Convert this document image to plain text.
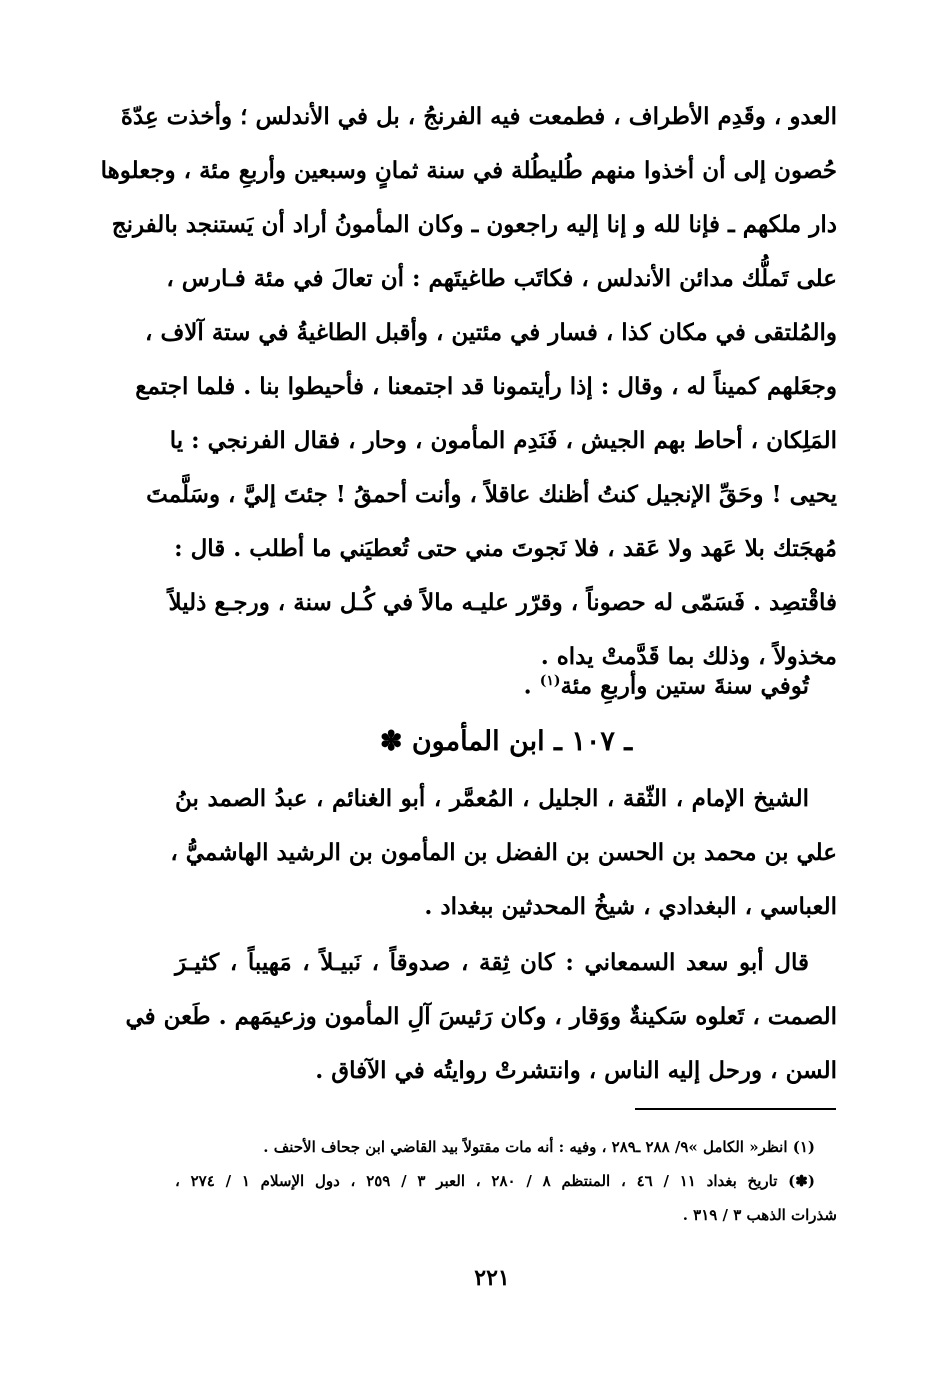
العدو ، وقَدِم الأطراف ، فطمعت فيه الفرنجُ ، بل في الأندلس ؛ وأخذت عِدّةَ
حُصون إلى أن أخذوا منهم طُليطُلة في سنة ثمانٍ وسبعين وأربعِ مئة ، وجعلوها
دار ملكهم ـ فإنا لله و إنا إليه راجعون ـ وكان المأمونُ أراد أن يَستنجد بالفرنج
على تَملُّك مدائن الأندلس ، فكاتَب طاغيتَهم : أن تعالَ في مئة فـارس ،
والمُلتقى في مكان كذا ، فسار في مئتين ، وأقبل الطاغيةُ في ستة آلاف ،
وجعَلهم كميناً له ، وقال : إذا رأيتمونا قد اجتمعنا ، فأحيطوا بنا . فلما اجتمع
المَلِكان ، أحاط بهم الجيش ، فَنَدِم المأمون ، وحار ، فقال الفرنجي : يا
يحيى ! وحَقِّ الإنجيل كنتُ أظنك عاقلاً ، وأنت أحمقُ ! جئتَ إليَّ ، وسَلَّمتَ
مُهجَتك بلا عَهد ولا عَقد ، فلا نَجوتَ مني حتى تُعطيَني ما أطلب . قال :
فاقْتصِد . فَسَمّى له حصوناً ، وقرّر عليـه مالاً في كُـل سنة ، ورجـع ذليلاً
مخذولاً ، وذلك بما قَدَّمتْ يداه .
تُوفي سنةَ ستين وأربعِ مئة$^{(١)}$ .
ـ ١٠٧ ـ ابن المأمون ✽
الشيخ الإمام ، الثّقة ، الجليل ، المُعمَّر ، أبو الغنائم ، عبدُ الصمد بنُ
علي بن محمد بن الحسن بن الفضل بن المأمون بن الرشيد الهاشميُّ ،
العباسي ، البغدادي ، شيخُ المحدثين ببغداد .
قال أبو سعد السمعاني : كان ثِقة ، صدوقاً ، نَبيـلاً ، مَهيباً ، كثيـرَ
الصمت ، تَعلوه سَكينةٌ ووَقار ، وكان رَئيسَ آلِ المأمون وزعيمَهم . طَعن في
السن ، ورحل إليه الناس ، وانتشرتْ روايتُه في الآفاق .
(١) انظر« الكامل »٩/ ٢٨٨ ـ٢٨٩ ، وفيه : أنه مات مقتولاً بيد القاضي ابن جحاف الأحنف .
(✽) تاريخ بغداد ١١ / ٤٦ ، المنتظم ٨ / ٢٨٠ ، العبر ٣ / ٢٥٩ ، دول الإسلام ١ / ٢٧٤ ،
شذرات الذهب ٣ / ٣١٩ .
٢٢١
